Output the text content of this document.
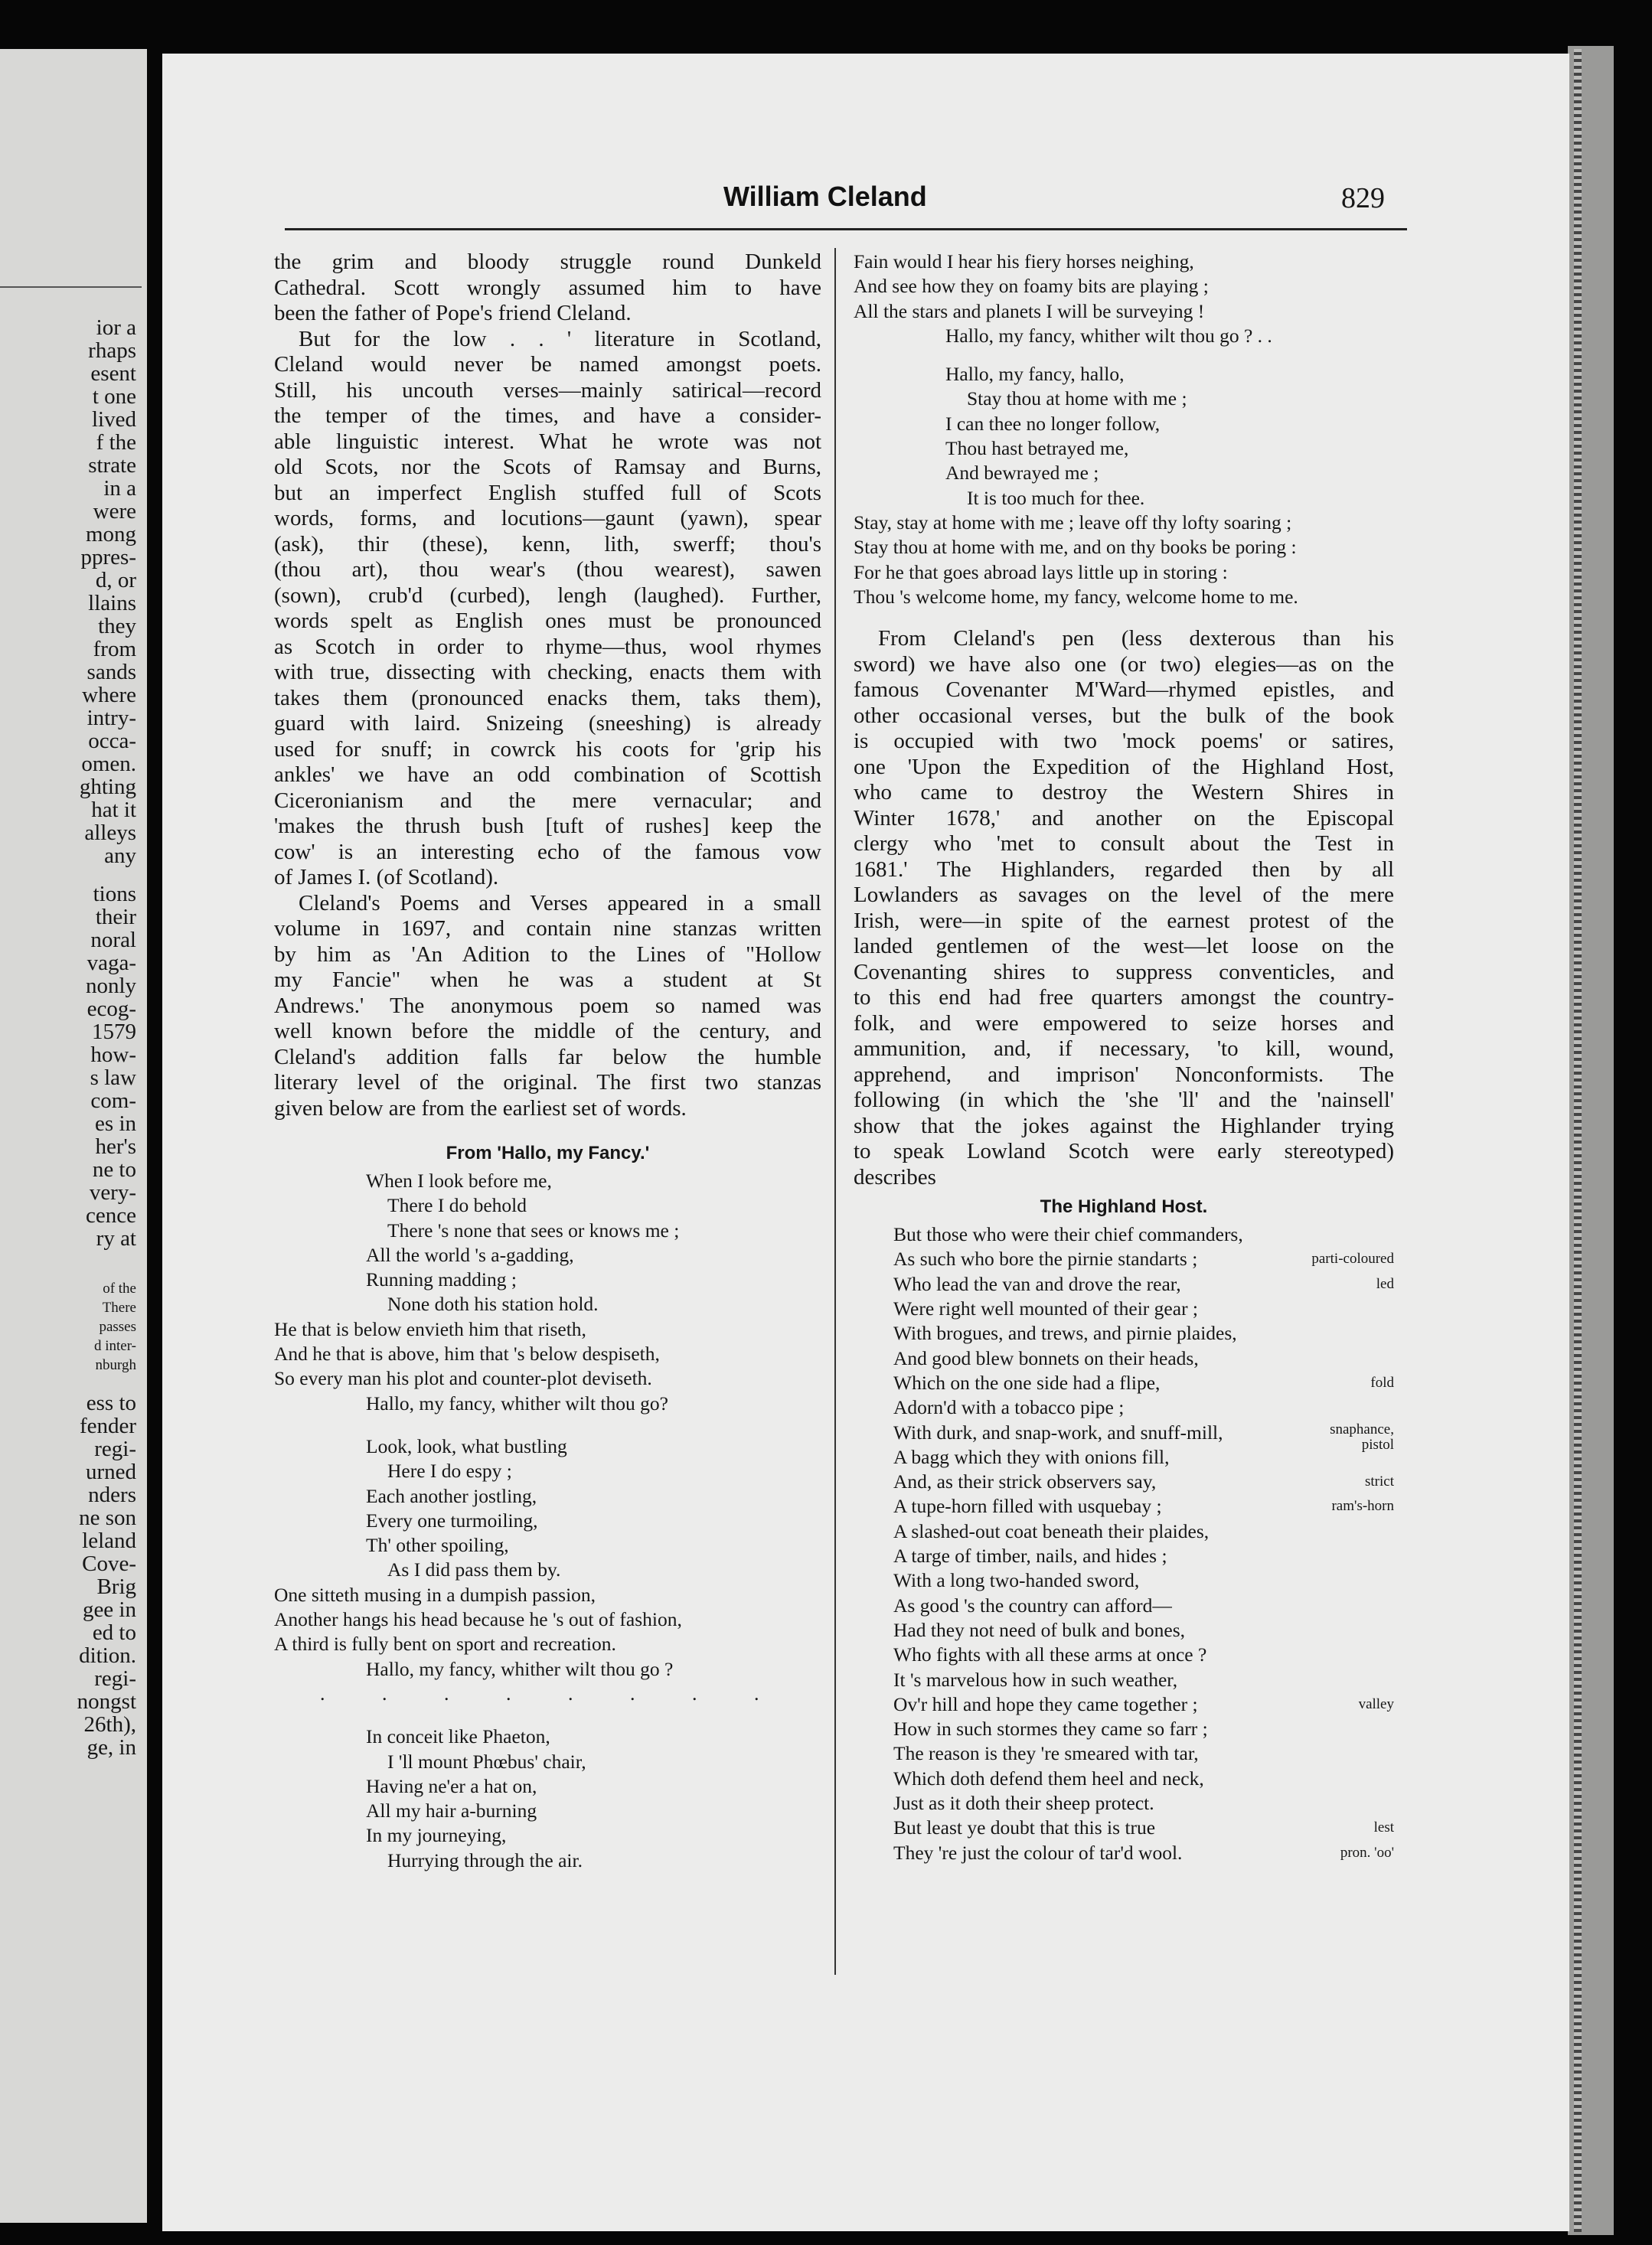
ior a
rhaps
esent
t one
lived
f the
strate
in a
were
mong
ppres-
d, or
llains
they
from
sands
where
intry-
occa-
omen.
ghting
hat it
alleys
any
tions
their
noral
vaga-
nonly
ecog-
1579
how-
s law
com-
es in
her's
ne to
very-
cence
ry at
of the
There
passes
d inter-
nburgh
ess to
fender
regi-
urned
nders
ne son
leland
Cove-
Brig
gee in
ed to
dition.
regi-
nongst
26th),
ge, in
William Cleland	829

the grim and bloody struggle round Dunkeld

Cathedral. Scott wrongly assumed him to have

been the father of Pope's friend Cleland.

But for the low . . ' literature in Scotland,

Cleland would never be named amongst poets.

Still, his uncouth verses—mainly satirical—record

the temper of the times, and have a consider-

able linguistic interest. What he wrote was not

old Scots, nor the Scots of Ramsay and Burns,

but an imperfect English stuffed full of Scots

words, forms, and locutions—gaunt (yawn), spear

(ask), thir (these), kenn, lith, swerff; thou's

(thou art), thou wear's (thou wearest), sawen

(sown), crub'd (curbed), lengh (laughed). Further,

words spelt as English ones must be pronounced

as Scotch in order to rhyme—thus, wool rhymes

with true, dissecting with checking, enacts them with

takes them (pronounced enacks them, taks them),

guard with laird. Snizeing (sneeshing) is already

used for snuff; in cowrck his coots for 'grip his

ankles' we have an odd combination of Scottish

Ciceronianism and the mere vernacular; and

'makes the thrush bush [tuft of rushes] keep the

cow' is an interesting echo of the famous vow

of James I. (of Scotland).

Cleland's Poems and Verses appeared in a small

volume in 1697, and contain nine stanzas written

by him as 'An Adition to the Lines of "Hollow

my Fancie" when he was a student at St

Andrews.' The anonymous poem so named was

well known before the middle of the century, and

Cleland's addition falls far below the humble

literary level of the original. The first two stanzas

given below are from the earliest set of words.

From 'Hallo, my Fancy.'
When I look before me,
There I do behold
There 's none that sees or knows me ;
All the world 's a-gadding,
Running madding ;
None doth his station hold.
He that is below envieth him that riseth,
And he that is above, him that 's below despiseth,
So every man his plot and counter-plot deviseth.
Hallo, my fancy, whither wilt thou go?
Look, look, what bustling
Here I do espy ;
Each another jostling,
Every one turmoiling,
Th' other spoiling,
As I did pass them by.
One sitteth musing in a dumpish passion,
Another hangs his head because he 's out of fashion,
A third is fully bent on sport and recreation.
Hallo, my fancy, whither wilt thou go ?
. . . . . . . .
In conceit like Phaeton,
I 'll mount Phœbus' chair,
Having ne'er a hat on,
All my hair a-burning
In my journeying,
Hurrying through the air.
Fain would I hear his fiery horses neighing,
And see how they on foamy bits are playing ;
All the stars and planets I will be surveying !
Hallo, my fancy, whither wilt thou go ? . .
Hallo, my fancy, hallo,
Stay thou at home with me ;
I can thee no longer follow,
Thou hast betrayed me,
And bewrayed me ;
It is too much for thee.
Stay, stay at home with me ; leave off thy lofty soaring ;
Stay thou at home with me, and on thy books be poring :
For he that goes abroad lays little up in storing :
Thou 's welcome home, my fancy, welcome home to me.

From Cleland's pen (less dexterous than his

sword) we have also one (or two) elegies—as on the

famous Covenanter M'Ward—rhymed epistles, and

other occasional verses, but the bulk of the book

is occupied with two 'mock poems' or satires,

one 'Upon the Expedition of the Highland Host,

who came to destroy the Western Shires in

Winter 1678,' and another on the Episcopal

clergy who 'met to consult about the Test in

1681.' The Highlanders, regarded then by all

Lowlanders as savages on the level of the mere

Irish, were—in spite of the earnest protest of the

landed gentlemen of the west—let loose on the

Covenanting shires to suppress conventicles, and

to this end had free quarters amongst the country-

folk, and were empowered to seize horses and

ammunition, and, if necessary, 'to kill, wound,

apprehend, and imprison' Nonconformists. The

following (in which the 'she 'll' and the 'nainsell'

show that the jokes against the Highlander trying

to speak Lowland Scotch were early stereotyped)

describes

The Highland Host.
But those who were their chief commanders,
As such who bore the pirnie standarts ;	parti-coloured
Who lead the van and drove the rear,	led
Were right well mounted of their gear ;
With brogues, and trews, and pirnie plaides,
And good blew bonnets on their heads,
Which on the one side had a flipe,	fold
Adorn'd with a tobacco pipe ;
With durk, and snap-work, and snuff-mill,	snaphance, pistol
A bagg which they with onions fill,
And, as their strick observers say,	strict
A tupe-horn filled with usquebay ;	ram's-horn
A slashed-out coat beneath their plaides,
A targe of timber, nails, and hides ;
With a long two-handed sword,
As good 's the country can afford—
Had they not need of bulk and bones,
Who fights with all these arms at once ?
It 's marvelous how in such weather,
Ov'r hill and hope they came together ;	valley
How in such stormes they came so farr ;
The reason is they 're smeared with tar,
Which doth defend them heel and neck,
Just as it doth their sheep protect.
But least ye doubt that this is true	lest
They 're just the colour of tar'd wool.	pron. 'oo'
